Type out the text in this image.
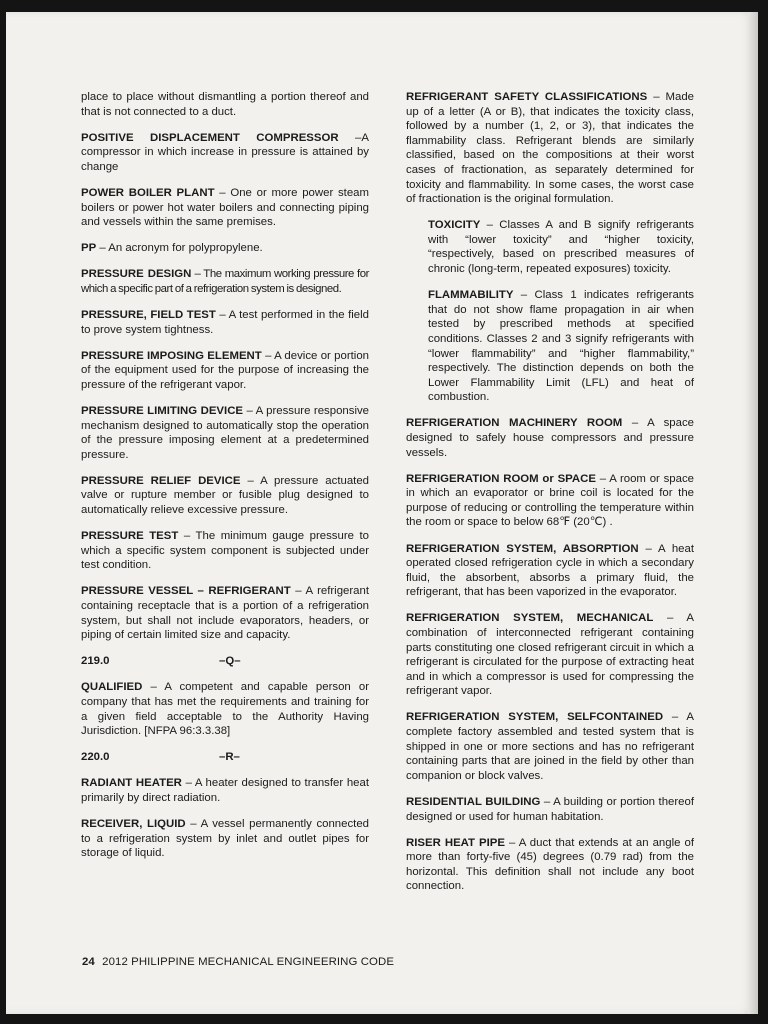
place to place without dismantling a portion thereof and that is not connected to a duct.

POSITIVE DISPLACEMENT COMPRESSOR –A compressor in which increase in pressure is attained by change

POWER BOILER PLANT – One or more power steam boilers or power hot water boilers and connecting piping and vessels within the same premises.

PP – An acronym for polypropylene.

PRESSURE DESIGN – The maximum working pressure for which a specific part of a refrigeration system is designed.

PRESSURE, FIELD TEST – A test performed in the field to prove system tightness.

PRESSURE IMPOSING ELEMENT – A device or portion of the equipment used for the purpose of increasing the pressure of the refrigerant vapor.

PRESSURE LIMITING DEVICE – A pressure responsive mechanism designed to automatically stop the operation of the pressure imposing element at a predetermined pressure.

PRESSURE RELIEF DEVICE – A pressure actuated valve or rupture member or fusible plug designed to automatically relieve excessive pressure.

PRESSURE TEST – The minimum gauge pressure to which a specific system component is subjected under test condition.

PRESSURE VESSEL – REFRIGERANT – A refrigerant containing receptacle that is a portion of a refrigeration system, but shall not include evaporators, headers, or piping of certain limited size and capacity.

219.0	–Q–

QUALIFIED – A competent and capable person or company that has met the requirements and training for a given field acceptable to the Authority Having Jurisdiction. [NFPA 96:3.3.38]

220.0	–R–

RADIANT HEATER – A heater designed to transfer heat primarily by direct radiation.

RECEIVER, LIQUID – A vessel permanently connected to a refrigeration system by inlet and outlet pipes for storage of liquid.

REFRIGERANT SAFETY CLASSIFICATIONS – Made up of a letter (A or B), that indicates the toxicity class, followed by a number (1, 2, or 3), that indicates the flammability class. Refrigerant blends are similarly classified, based on the compositions at their worst cases of fractionation, as separately determined for toxicity and flammability. In some cases, the worst case of fractionation is the original formulation.

TOXICITY – Classes A and B signify refrigerants with “lower toxicity” and “higher toxicity, “respectively, based on prescribed measures of chronic (long-term, repeated exposures) toxicity.

FLAMMABILITY – Class 1 indicates refrigerants that do not show flame propagation in air when tested by prescribed methods at specified conditions. Classes 2 and 3 signify refrigerants with “lower flammability” and “higher flammability,” respectively. The distinction depends on both the Lower Flammability Limit (LFL) and heat of combustion.

REFRIGERATION MACHINERY ROOM – A space designed to safely house compressors and pressure vessels.

REFRIGERATION ROOM or SPACE – A room or space in which an evaporator or brine coil is located for the purpose of reducing or controlling the temperature within the room or space to below 68℉ (20℃) .

REFRIGERATION SYSTEM, ABSORPTION – A heat operated closed refrigeration cycle in which a secondary fluid, the absorbent, absorbs a primary fluid, the refrigerant, that has been vaporized in the evaporator.

REFRIGERATION SYSTEM, MECHANICAL – A combination of interconnected refrigerant containing parts constituting one closed refrigerant circuit in which a refrigerant is circulated for the purpose of extracting heat and in which a compressor is used for compressing the refrigerant vapor.

REFRIGERATION SYSTEM, SELFCONTAINED – A complete factory assembled and tested system that is shipped in one or more sections and has no refrigerant containing parts that are joined in the field by other than companion or block valves.

RESIDENTIAL BUILDING – A building or portion thereof designed or used for human habitation.

RISER HEAT PIPE – A duct that extends at an angle of more than forty-five (45) degrees (0.79 rad) from the horizontal. This definition shall not include any boot connection.

24 2012 PHILIPPINE MECHANICAL ENGINEERING CODE
